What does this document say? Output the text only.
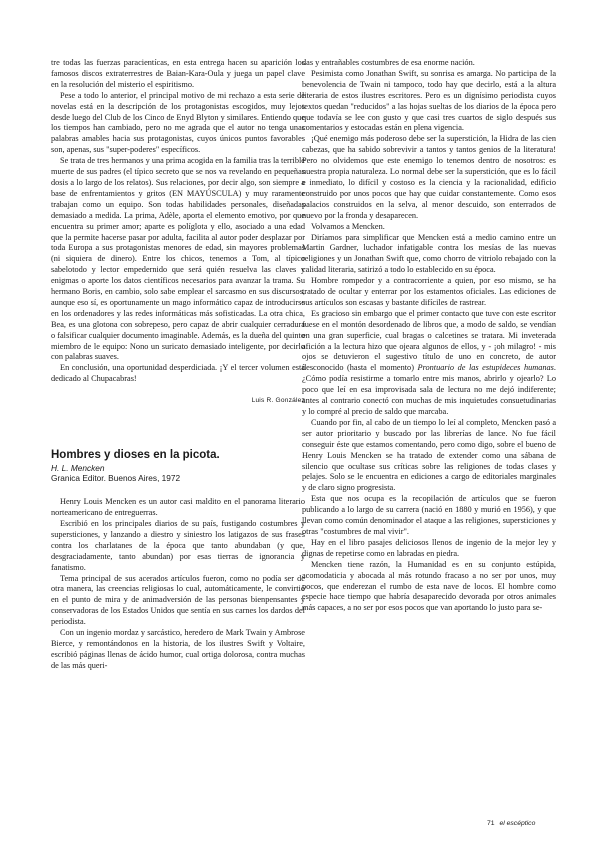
tre todas las fuerzas paracientícas, en esta entrega hacen su aparición los famosos discos extraterrestres de Baian-Kara-Oula y juega un papel clave en la resolución del misterio el espiritismo.

Pese a todo lo anterior, el principal motivo de mi rechazo a esta serie de novelas está en la descripción de los protagonistas escogidos, muy lejos desde luego del Club de los Cinco de Enyd Blyton y similares. Entiendo que los tiempos han cambiado, pero no me agrada que el autor no tenga unas palabras amables hacia sus protagonistas, cuyos únicos puntos favorables son, apenas, sus "super-poderes" específicos.

Se trata de tres hermanos y una prima acogida en la familia tras la terrible muerte de sus padres (el típico secreto que se nos va revelando en pequeñas dosis a lo largo de los relatos). Sus relaciones, por decir algo, son siempre a base de enfrentamientos y gritos (EN MAYÚSCULA) y muy raramente trabajan como un equipo. Son todas habilidades personales, diseñadas demasiado a medida. La prima, Adèle, aporta el elemento emotivo, por que encuentra su primer amor; aparte es políglota y ello, asociado a una edad que la permite hacerse pasar por adulta, facilita al autor poder desplazar por toda Europa a sus protagonistas menores de edad, sin mayores problemas (ni siquiera de dinero). Entre los chicos, tenemos a Tom, al típico sabelotodo y lector empedernido que será quién resuelva las claves y enigmas o aporte los datos científicos necesarios para avanzar la trama. Su hermano Boris, en cambio, solo sabe emplear el sarcasmo en sus discursos, aunque eso sí, es oportunamente un mago informático capaz de introducirse en los ordenadores y las redes informáticas más sofisticadas. La otra chica, Bea, es una glotona con sobrepeso, pero capaz de abrir cualquier cerradura o falsificar cualquier documento imaginable. Además, es la dueña del quinto miembro de le equipo: Nono un suricato demasiado inteligente, por decirlo con palabras suaves.

En conclusión, una oportunidad desperdiciada. ¡Y el tercer volumen está dedicado al Chupacabras!

Luis R. González
Hombres y dioses en la picota.
H. L. Mencken
Granica Editor. Buenos Aires, 1972

Henry Louis Mencken es un autor casi maldito en el panorama literario norteamericano de entreguerras.

Escribió en los principales diarios de su país, fustigando costumbres y supersticiones, y lanzando a diestro y siniestro los latigazos de sus frases contra los charlatanes de la época que tanto abundaban (y que, desgraciadamente, tanto abundan) por esas tierras de ignorancia y fanatismo.

Tema principal de sus acerados artículos fueron, como no podía ser de otra manera, las creencias religiosas lo cual, automáticamente, le convirtió en el punto de mira y de animadversión de las personas bienpensantes y conservadoras de los Estados Unidos que sentía en sus carnes los dardos del periodista.

Con un ingenio mordaz y sarcástico, heredero de Mark Twain y Ambrose Bierce, y remontándonos en la historia, de los ilustres Swift y Voltaire, escribió páginas llenas de ácido humor, cual ortiga dolorosa, contra muchas de las más queri-

das y entrañables costumbres de esa enorme nación.

Pesimista como Jonathan Swift, su sonrisa es amarga. No participa de la benevolencia de Twain ni tampoco, todo hay que decirlo, está a la altura literaria de estos ilustres escritores. Pero es un dignísimo periodista cuyos textos quedan "reducidos" a las hojas sueltas de los diarios de la época pero que todavía se lee con gusto y que casi tres cuartos de siglo después sus comentarios y estocadas están en plena vigencia.

¡Qué enemigo más poderoso debe ser la superstición, la Hidra de las cien cabezas, que ha sabido sobrevivir a tantos y tantos genios de la literatura! Pero no olvidemos que este enemigo lo tenemos dentro de nosotros: es nuestra propia naturaleza. Lo normal debe ser la superstición, que es lo fácil e inmediato, lo difícil y costoso es la ciencia y la racionalidad, edificio construido por unos pocos que hay que cuidar constantemente. Como esos palacios construidos en la selva, al menor descuido, son enterrados de nuevo por la fronda y desaparecen.

Volvamos a Mencken.

Diríamos para simplificar que Mencken está a medio camino entre un Martin Gardner, luchador infatigable contra los mesías de las nuevas religiones y un Jonathan Swift que, como chorro de vitriolo rebajado con la calidad literaria, satirizó a todo lo establecido en su época.

Hombre rompedor y a contracorriente a quien, por eso mismo, se ha tratado de ocultar y enterrar por los estamentos oficiales. Las ediciones de sus artículos son escasas y bastante difíciles de rastrear.

Es gracioso sin embargo que el primer contacto que tuve con este escritor fuese en el montón desordenado de libros que, a modo de saldo, se vendían en una gran superficie, cual bragas o calcetines se tratara. Mi inveterada afición a la lectura hizo que ojeara algunos de ellos, y - ¡oh milagro! - mis ojos se detuvieron el sugestivo título de uno en concreto, de autor desconocido (hasta el momento) Prontuario de las estupideces humanas. ¿Cómo podía resistirme a tomarlo entre mis manos, abrirlo y ojearlo? Lo poco que leí en esa improvisada sala de lectura no me dejó indiferente; antes al contrario conectó con muchas de mis inquietudes consuetudinarias y lo compré al precio de saldo que marcaba.

Cuando por fin, al cabo de un tiempo lo leí al completo, Mencken pasó a ser autor prioritario y buscado por las librerías de lance. No fue fácil conseguir éste que estamos comentando, pero como digo, sobre el bueno de Henry Louis Mencken se ha tratado de extender como una sábana de silencio que ocultase sus críticas sobre las religiones de todas clases y pelajes. Solo se le encuentra en ediciones a cargo de editoriales marginales y de claro signo progresista.

Esta que nos ocupa es la recopilación de artículos que se fueron publicando a lo largo de su carrera (nació en 1880 y murió en 1956), y que llevan como común denominador el ataque a las religiones, supersticiones y otras "costumbres de mal vivir".

Hay en el libro pasajes deliciosos llenos de ingenio de la mejor ley y dignas de repetirse como en labradas en piedra.

Mencken tiene razón, la Humanidad es en su conjunto estúpida, acomodaticia y abocada al más rotundo fracaso a no ser por unos, muy pocos, que enderezan el rumbo de esta nave de locos. El hombre como especie hace tiempo que habría desaparecido devorada por otros animales más capaces, a no ser por esos pocos que van aportando lo justo para se-

71 el escéptico
